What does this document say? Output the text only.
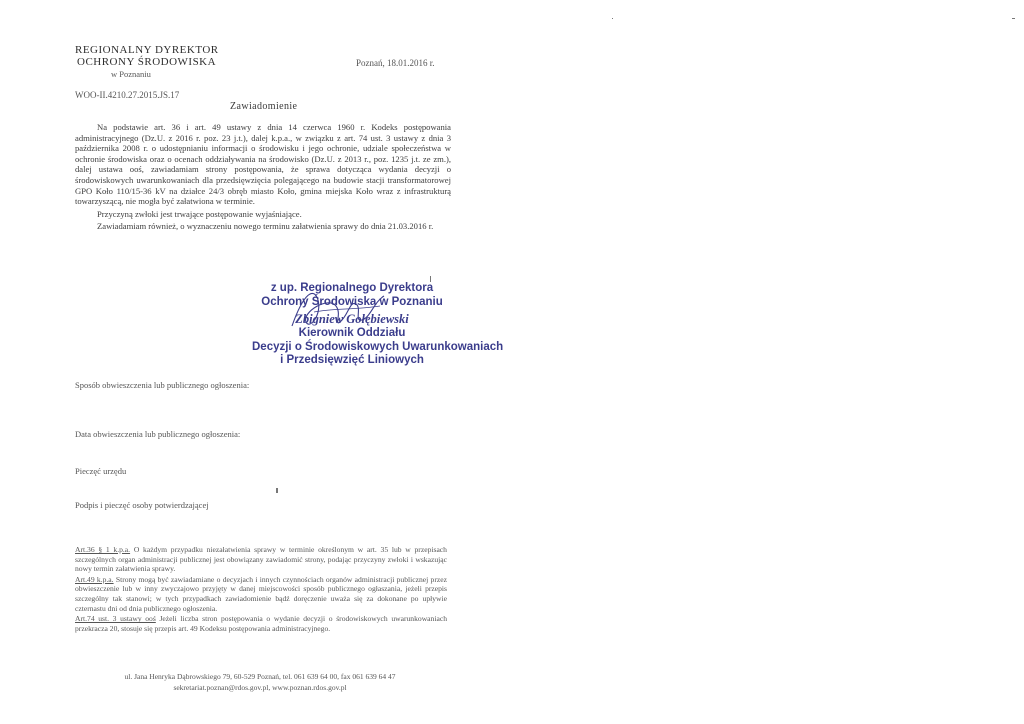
REGIONALNY DYREKTOR
OCHRONY ŚRODOWISKA
w Poznaniu
Poznań, 18.01.2016 r.
WOO-II.4210.27.2015.JS.17
Zawiadomienie

Na podstawie art. 36 i art. 49 ustawy z dnia 14 czerwca 1960 r. Kodeks postępowania administracyjnego (Dz.U. z 2016 r. poz. 23 j.t.), dalej k.p.a., w związku z art. 74 ust. 3 ustawy z dnia 3 października 2008 r. o udostępnianiu informacji o środowisku i jego ochronie, udziale społeczeństwa w ochronie środowiska oraz o ocenach oddziaływania na środowisko (Dz.U. z 2013 r., poz. 1235 j.t. ze zm.), dalej ustawa ooś, zawiadamiam strony postępowania, że sprawa dotycząca wydania decyzji o środowiskowych uwarunkowaniach dla przedsięwzięcia polegającego na budowie stacji transformatorowej GPO Koło 110/15-36 kV na działce 24/3 obręb miasto Koło, gmina miejska Koło wraz z infrastrukturą towarzyszącą, nie mogła być załatwiona w terminie.

Przyczyną zwłoki jest trwające postępowanie wyjaśniające.

Zawiadamiam również, o wyznaczeniu nowego terminu załatwienia sprawy do dnia 21.03.2016 r.

z up. Regionalnego Dyrektora
Ochrony Środowiska w Poznaniu
Zbigniew Gołębiewski
Kierownik Oddziału
Decyzji o Środowiskowych Uwarunkowaniach
i Przedsięwzięć Liniowych
Sposób obwieszczenia lub publicznego ogłoszenia:
Data obwieszczenia lub publicznego ogłoszenia:
Pieczęć urzędu
Podpis i pieczęć osoby potwierdzającej

Art.36 § 1 k.p.a. O każdym przypadku niezałatwienia sprawy w terminie określonym w art. 35 lub w przepisach szczególnych organ administracji publicznej jest obowiązany zawiadomić strony, podając przyczyny zwłoki i wskazując nowy termin załatwienia sprawy.

Art.49 k.p.a. Strony mogą być zawiadamiane o decyzjach i innych czynnościach organów administracji publicznej przez obwieszczenie lub w inny zwyczajowo przyjęty w danej miejscowości sposób publicznego ogłaszania, jeżeli przepis szczególny tak stanowi; w tych przypadkach zawiadomienie bądź doręczenie uważa się za dokonane po upływie czternastu dni od dnia publicznego ogłoszenia.

Art.74 ust. 3 ustawy ooś Jeżeli liczba stron postępowania o wydanie decyzji o środowiskowych uwarunkowaniach przekracza 20, stosuje się przepis art. 49 Kodeksu postępowania administracyjnego.

ul. Jana Henryka Dąbrowskiego 79, 60-529 Poznań, tel. 061 639 64 00, fax 061 639 64 47
sekretariat.poznan@rdos.gov.pl, www.poznan.rdos.gov.pl
